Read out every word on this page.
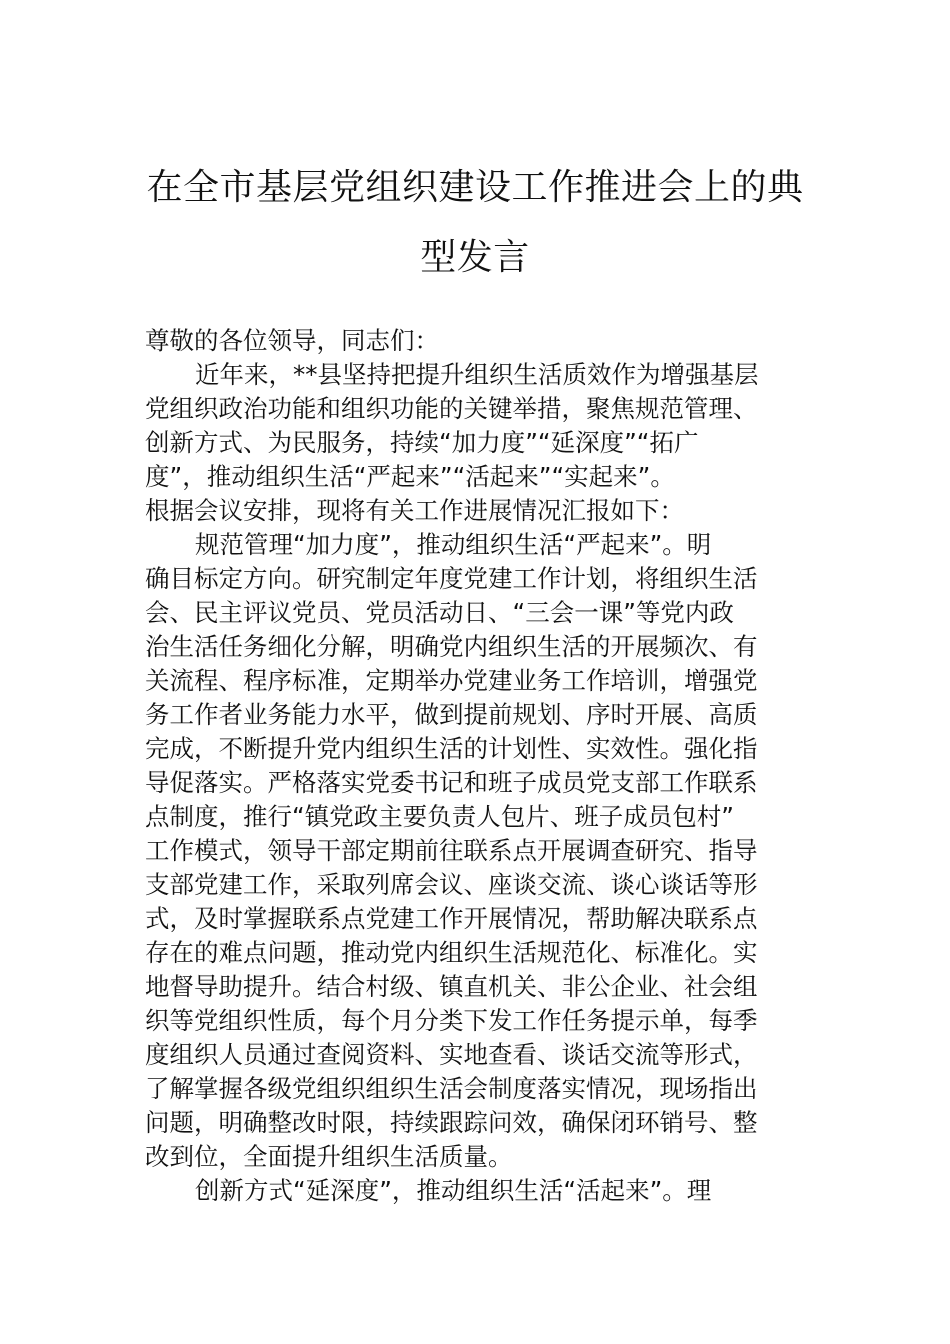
在全市基层党组织建设工作推进会上的典
型发言
尊敬的各位领导，同志们：
近年来，**县坚持把提升组织生活质效作为增强基层
党组织政治功能和组织功能的关键举措，聚焦规范管理、
创新方式、为民服务，持续“加力度”“延深度”“拓广
度”，推动组织生活“严起来”“活起来”“实起来”。
根据会议安排，现将有关工作进展情况汇报如下：
规范管理“加力度”，推动组织生活“严起来”。明
确目标定方向。研究制定年度党建工作计划，将组织生活
会、民主评议党员、党员活动日、“三会一课”等党内政
治生活任务细化分解，明确党内组织生活的开展频次、有
关流程、程序标准，定期举办党建业务工作培训，增强党
务工作者业务能力水平，做到提前规划、序时开展、高质
完成，不断提升党内组织生活的计划性、实效性。强化指
导促落实。严格落实党委书记和班子成员党支部工作联系
点制度，推行“镇党政主要负责人包片、班子成员包村”
工作模式，领导干部定期前往联系点开展调查研究、指导
支部党建工作，采取列席会议、座谈交流、谈心谈话等形
式，及时掌握联系点党建工作开展情况，帮助解决联系点
存在的难点问题，推动党内组织生活规范化、标准化。实
地督导助提升。结合村级、镇直机关、非公企业、社会组
织等党组织性质，每个月分类下发工作任务提示单，每季
度组织人员通过查阅资料、实地查看、谈话交流等形式，
了解掌握各级党组织组织生活会制度落实情况，现场指出
问题，明确整改时限，持续跟踪问效，确保闭环销号、整
改到位，全面提升组织生活质量。
创新方式“延深度”，推动组织生活“活起来”。理
